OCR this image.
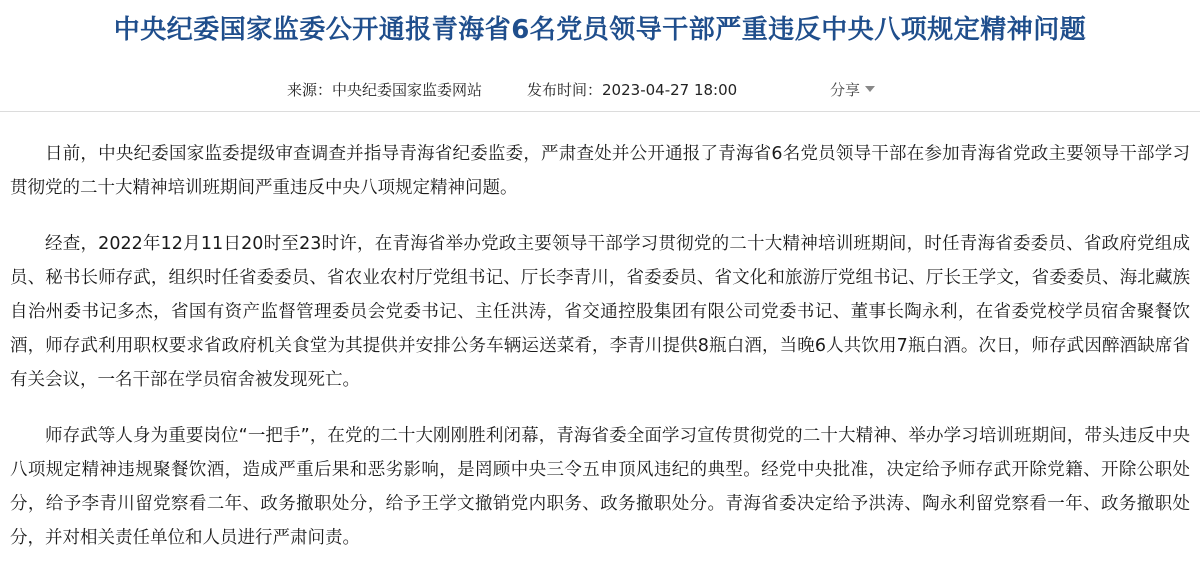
中央纪委国家监委公开通报青海省6名党员领导干部严重违反中央八项规定精神问题
来源：中央纪委国家监委网站	发布时间：2023-04-27 18:00	分享

日前，中央纪委国家监委提级审查调查并指导青海省纪委监委，严肃查处并公开通报了青海省6名党员领导干部在参加青海省党政主要领导干部学习贯彻党的二十大精神培训班期间严重违反中央八项规定精神问题。

经查，2022年12月11日20时至23时许，在青海省举办党政主要领导干部学习贯彻党的二十大精神培训班期间，时任青海省委委员、省政府党组成员、秘书长师存武，组织时任省委委员、省农业农村厅党组书记、厅长李青川，省委委员、省文化和旅游厅党组书记、厅长王学文，省委委员、海北藏族自治州委书记多杰，省国有资产监督管理委员会党委书记、主任洪涛，省交通控股集团有限公司党委书记、董事长陶永利，在省委党校学员宿舍聚餐饮酒，师存武利用职权要求省政府机关食堂为其提供并安排公务车辆运送菜肴，李青川提供8瓶白酒，当晚6人共饮用7瓶白酒。次日，师存武因醉酒缺席省有关会议，一名干部在学员宿舍被发现死亡。

师存武等人身为重要岗位“一把手”，在党的二十大刚刚胜利闭幕，青海省委全面学习宣传贯彻党的二十大精神、举办学习培训班期间，带头违反中央八项规定精神违规聚餐饮酒，造成严重后果和恶劣影响，是罔顾中央三令五申顶风违纪的典型。经党中央批准，决定给予师存武开除党籍、开除公职处分，给予李青川留党察看二年、政务撤职处分，给予王学文撤销党内职务、政务撤职处分。青海省委决定给予洪涛、陶永利留党察看一年、政务撤职处分，并对相关责任单位和人员进行严肃问责。
